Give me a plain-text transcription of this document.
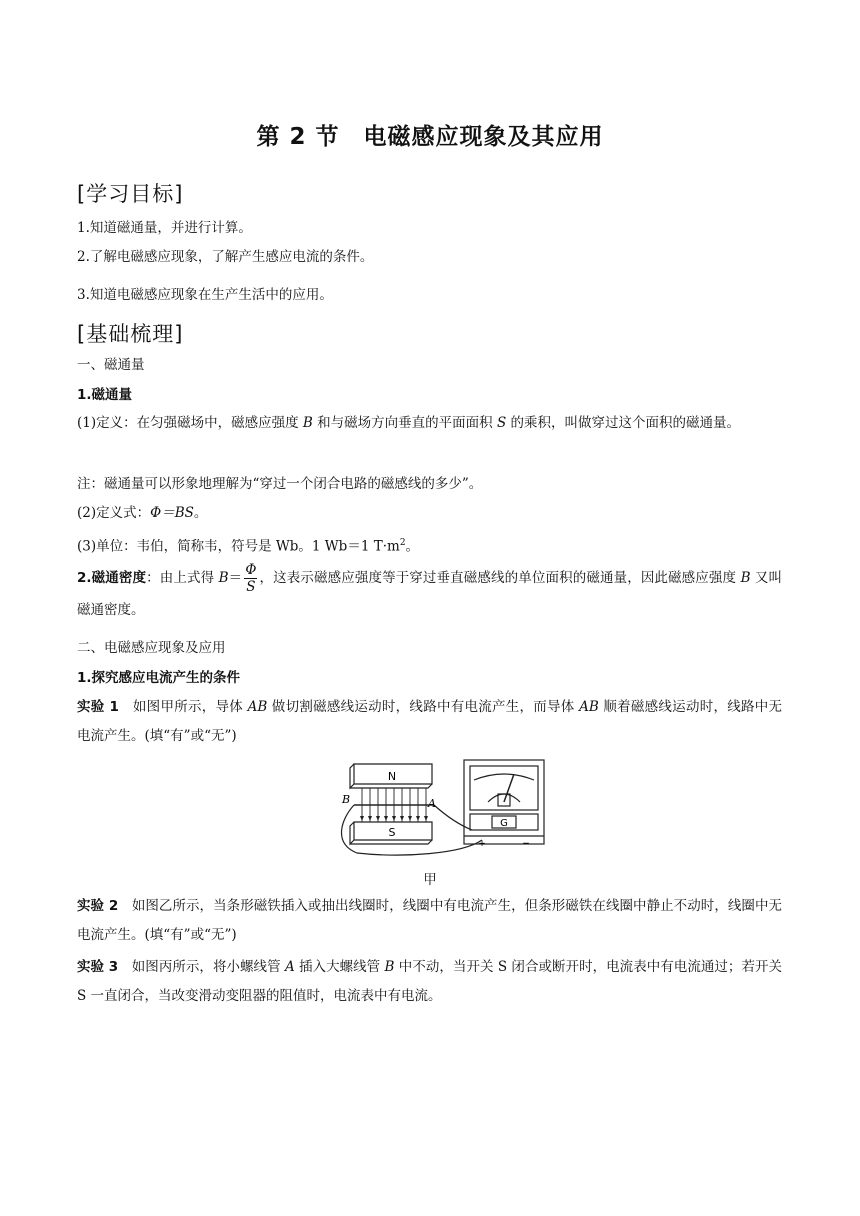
第 2 节　电磁感应现象及其应用
[学习目标]
1.知道磁通量，并进行计算。
2.了解电磁感应现象，了解产生感应电流的条件。
3.知道电磁感应现象在生产生活中的应用。
[基础梳理]
一、磁通量
1.磁通量
(1)定义：在匀强磁场中，磁感应强度 B 和与磁场方向垂直的平面面积 S 的乘积，叫做穿过这个面积的磁通量。
注：磁通量可以形象地理解为“穿过一个闭合电路的磁感线的多少”。
(2)定义式：Φ＝BS。
(3)单位：韦伯，简称韦，符号是 Wb。1 Wb＝1 $T\cdot m^2$。
2.磁通密度：由上式得 $B= \frac{\Phi}{S}$ ，这表示磁感应强度等于穿过垂直磁感线的单位面积的磁通量，因此磁感应强度 B 又叫磁通密度。
二、电磁感应现象及应用
1.探究感应电流产生的条件
实验 1　如图甲所示，导体 AB 做切割磁感线运动时，线路中有电流产生，而导体 AB 顺着磁感线运动时，线路中无电流产生。(填“有”或“无”)
N
S
B	A
G
+	−
甲
实验 2　如图乙所示，当条形磁铁插入或抽出线圈时，线圈中有电流产生，但条形磁铁在线圈中静止不动时，线圈中无电流产生。(填“有”或“无”)
实验 3　如图丙所示，将小螺线管 A 插入大螺线管 B 中不动，当开关 S 闭合或断开时，电流表中有电流通过；若开关 S 一直闭合，当改变滑动变阻器的阻值时，电流表中有电流。
